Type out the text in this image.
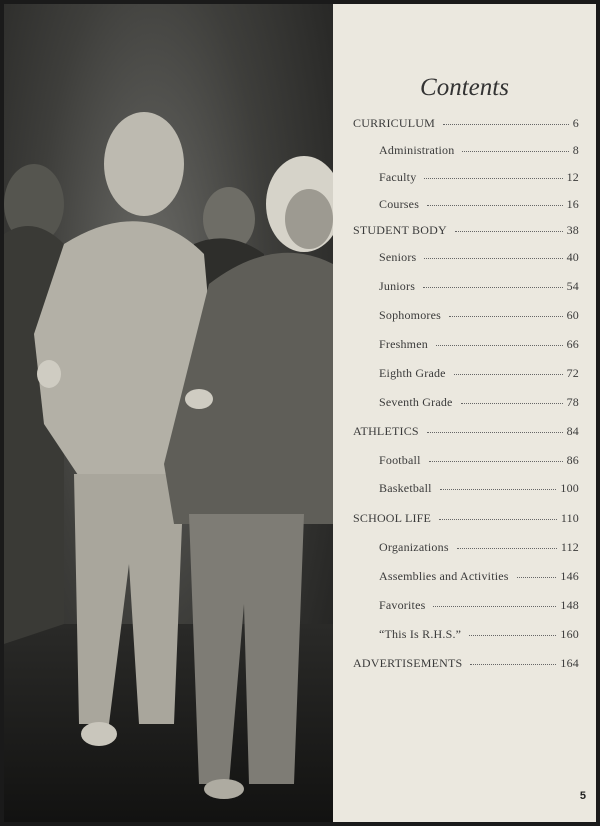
Contents
CURRICULUM	6
Administration	8
Faculty	12
Courses	16
STUDENT BODY	38
Seniors	40
Juniors	54
Sophomores	60
Freshmen	66
Eighth Grade	72
Seventh Grade	78
ATHLETICS	84
Football	86
Basketball	100
SCHOOL LIFE	110
Organizations	112
Assemblies and Activities	146
Favorites	148
“This Is R.H.S.”	160
ADVERTISEMENTS	164
5
